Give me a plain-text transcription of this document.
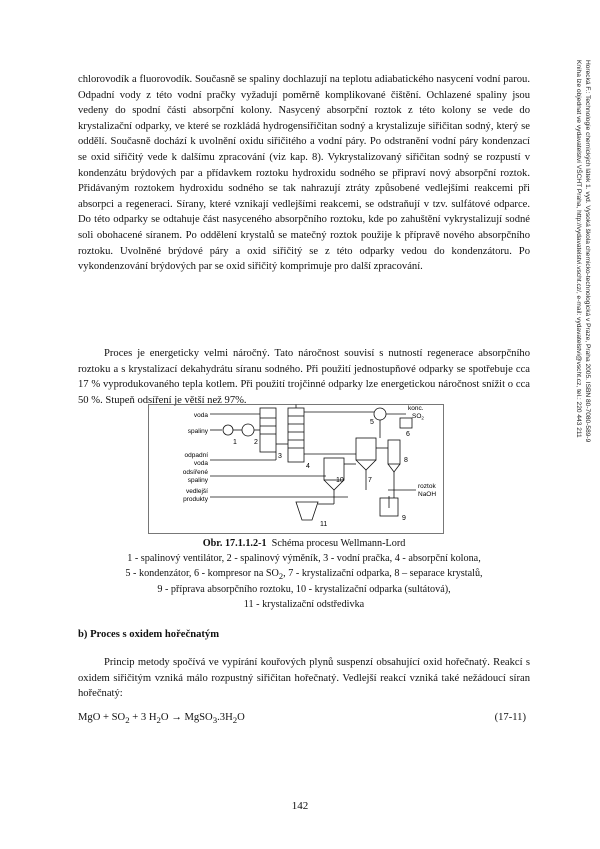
chlorovodík a fluorovodík. Současně se spaliny dochlazují na teplotu adiabatického nasycení vodní parou. Odpadní vody z této vodní pračky vyžadují poměrně komplikované čištění. Ochlazené spaliny jsou vedeny do spodní části absorpční kolony. Nasycený absorpční roztok z této kolony se vede do krystalizační odparky, ve které se rozkládá hydrogensiřičitan sodný a krystalizuje siřičitan sodný, který se oddělí. Současně dochází k uvolnění oxidu siřičitého a vodní páry. Po odstranění vodní páry kondenzací se oxid siřičitý vede k dalšímu zpracování (viz kap. 8). Vykrystalizovaný siřičitan sodný se rozpustí v kondenzátu brýdových par a přídavkem roztoku hydroxidu sodného se připraví nový absorpční roztok. Přidávaným roztokem hydroxidu sodného se tak nahrazují ztráty způsobené vedlejšími reakcemi při absorpci a regeneraci. Sírany, které vznikají vedlejšími reakcemi, se odstraňují v tzv. sulfátové odparce. Do této odparky se odtahuje část nasyceného absorpčního roztoku, kde po zahuštění vykrystalizují sodné soli obohacené síranem. Po oddělení krystalů se matečný roztok použije k přípravě nového absorpčního roztoku. Uvolněné brýdové páry a oxid siřičitý se z této odparky vedou do kondenzátoru. Po vykondenzování brýdových par se oxid siřičitý komprimuje pro další zpracování.

Proces je energeticky velmi náročný. Tato náročnost souvisí s nutností regenerace absorpčního roztoku a s krystalizací dekahydrátu síranu sodného. Při použití jednostupňové odparky se spotřebuje cca 17 % vyprodukovaného tepla kotlem. Při použití trojčinné odparky lze energetickou náročnost snížit o cca 50 %. Stupeň odsíření je větší než 97%.

voda
spaliny
odpadní
voda
odsířené
spaliny
vedlejší
produkty
konc.
$SO_2$
roztok
NaOH
1 2
3
4
5
6
7
8
9
10
11
Obr. 17.1.1.2-1 Schéma procesu Wellmann-Lord
1 - spalinový ventilátor, 2 - spalinový výměník, 3 - vodní pračka, 4 - absorpční kolona,
5 - kondenzátor, 6 - kompresor na $SO_2$, 7 - krystalizační odparka, 8 – separace krystalů,
9 - příprava absorpčního roztoku, 10 - krystalizační odparka (sultátová),
11 - krystalizační odstředivka
b) Proces s oxidem hořečnatým

Princip metody spočívá ve vypírání kouřových plynů suspenzí obsahující oxid hořečnatý. Reakcí s oxidem siřičitým vzniká málo rozpustný siřičitan hořečnatý. Vedlejší reakcí vzniká také nežádoucí síran hořečnatý:

MgO + $SO_2 + 3$ $H_2O$ → $MgSO_3.3H_2O$	(17-11)
142
Horecká F.: Technologie chemických látek 1. vyd. Vysoká škola chemicko-technologická v Praze, Praha 2005. ISBN 80-7080-589-9
Kniha lze objednat ve vydavatelství VŠCHT Praha, http://vydavatelstvi.vscht.cz/, e-mail: vydavatelstvi@vscht.cz, tel.: 220 443 211
